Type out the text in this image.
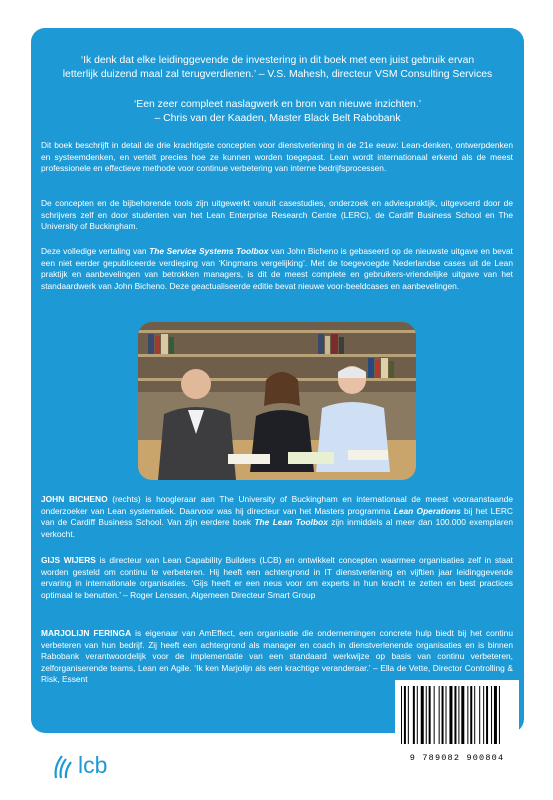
‘Ik denk dat elke leidinggevende de investering in dit boek met een juist gebruik ervan
letterlijk duizend maal zal terugverdienen.’ – V.S. Mahesh, directeur VSM Consulting Services
‘Een zeer compleet naslagwerk en bron van nieuwe inzichten.’
– Chris van der Kaaden, Master Black Belt Rabobank
Dit boek beschrijft in detail de drie krachtigste concepten voor dienstverlening in de 21e eeuw: Lean-denken, ontwerpdenken en systeemdenken, en vertelt precies hoe ze kunnen worden toegepast. Lean wordt internationaal erkend als de meest professionele en effectieve methode voor continue verbetering van interne bedrijfsprocessen.
De concepten en de bijbehorende tools zijn uitgewerkt vanuit casestudies, onderzoek en adviespraktijk, uitgevoerd door de schrijvers zelf en door studenten van het Lean Enterprise Research Centre (LERC), de Cardiff Business School en The University of Buckingham.
Deze volledige vertaling van The Service Systems Toolbox van John Bicheno is gebaseerd op de nieuwste uitgave en bevat een niet eerder gepubliceerde verdieping van ‘Kingmans vergelijking’. Met de toegevoegde Nederlandse cases uit de Lean praktijk en aanbevelingen van betrokken managers, is dit de meest complete en gebruikers-vriendelijke uitgave van het standaardwerk van John Bicheno. Deze geactualiseerde editie bevat nieuwe voor-beeldcases en aanbevelingen.
JOHN BICHENO (rechts) is hoogleraar aan The University of Buckingham en internationaal de meest vooraanstaande onderzoeker van Lean systematiek. Daarvoor was hij directeur van het Masters programma Lean Operations bij het LERC van de Cardiff Business School. Van zijn eerdere boek The Lean Toolbox zijn inmiddels al meer dan 100.000 exemplaren verkocht.
GIJS WIJERS is directeur van Lean Capability Builders (LCB) en ontwikkelt concepten waarmee organisaties zelf in staat worden gesteld om continu te verbeteren. Hij heeft een achtergrond in IT dienstverlening en vijftien jaar leidinggevende ervaring in internationale organisaties. ‘Gijs heeft er een neus voor om experts in hun kracht te zetten en best practices optimaal te benutten.’ – Roger Lenssen, Algemeen Directeur Smart Group
MARJOLIJN FERINGA is eigenaar van AmEffect, een organisatie die ondernemingen concrete hulp biedt bij het continu verbeteren van hun bedrijf. Zij heeft een achtergrond als manager en coach in dienstverlenende organisaties en is binnen Rabobank verantwoordelijk voor de implementatie van een standaard werkwijze op basis van continu verbeteren, zelforganiserende teams, Lean en Agile. ‘Ik ken Marjolijn als een krachtige veranderaar.’ – Ella de Vette, Director Controlling & Risk, Essent
9 789082 900804
lcb
